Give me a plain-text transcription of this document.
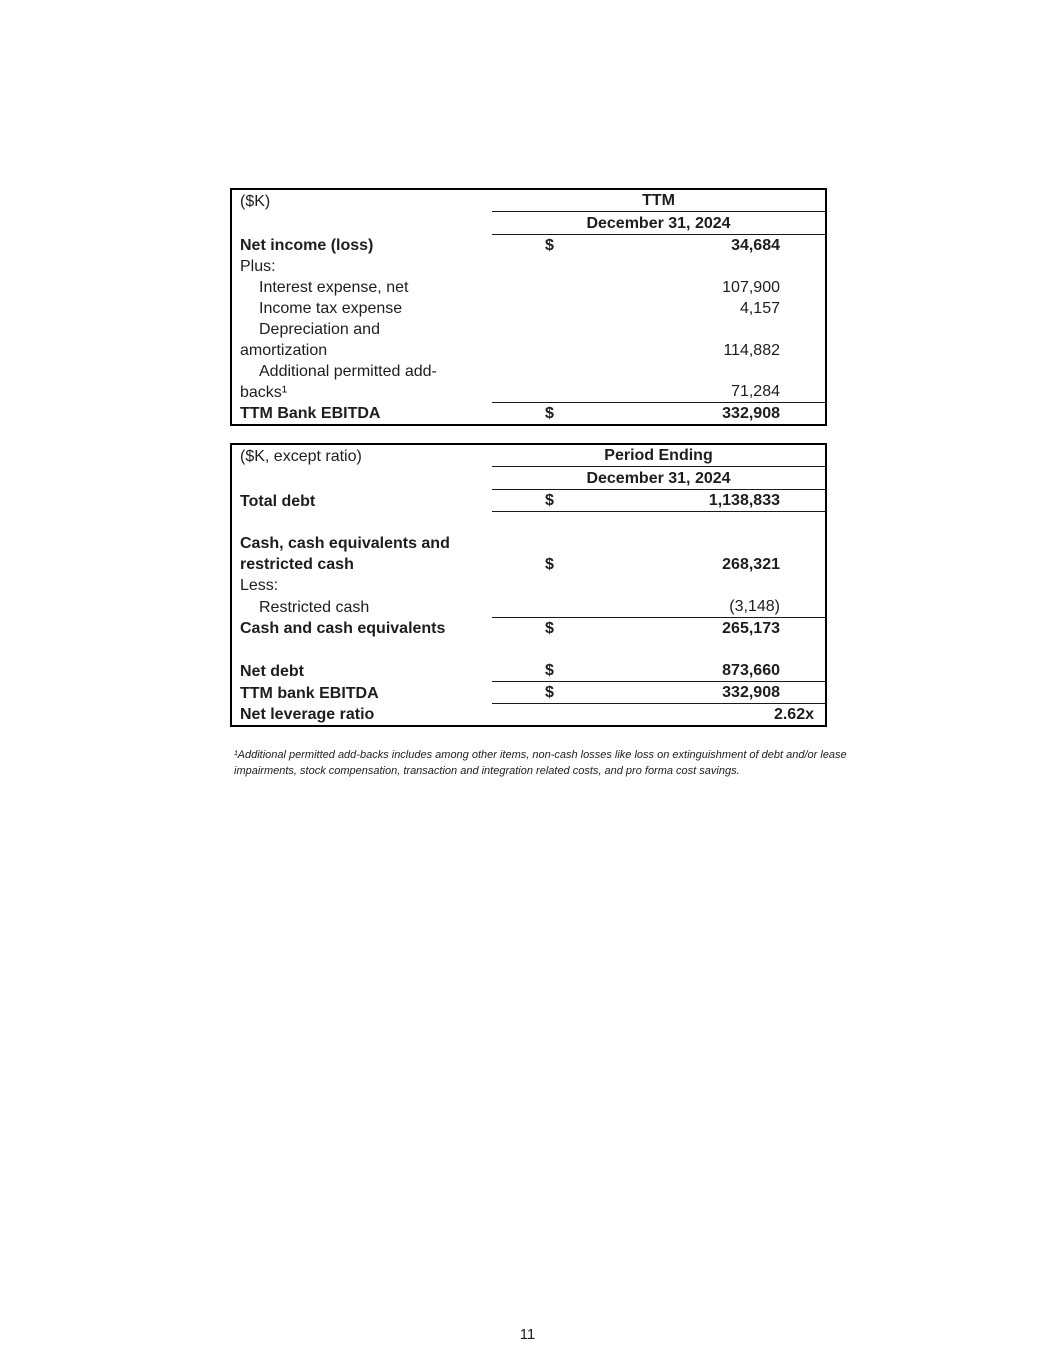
($K)	TTM
December 31, 2024
Net income (loss)	$	34,684
Plus:
Interest expense, net	107,900
Income tax expense	4,157
Depreciation and amortization	114,882
Additional permitted add-backs¹	71,284
TTM Bank EBITDA	$	332,908
($K, except ratio)	Period Ending
December 31, 2024
Total debt	$	1,138,833
Cash, cash equivalents and restricted cash	$	268,321
Less:
Restricted cash	(3,148)
Cash and cash equivalents	$	265,173
Net debt	$	873,660
TTM bank EBITDA	$	332,908
Net leverage ratio	2.62x

¹Additional permitted add-backs includes among other items, non-cash losses like loss on extinguishment of debt and/or lease impairments, stock compensation, transaction and integration related costs, and pro forma cost savings.

11
